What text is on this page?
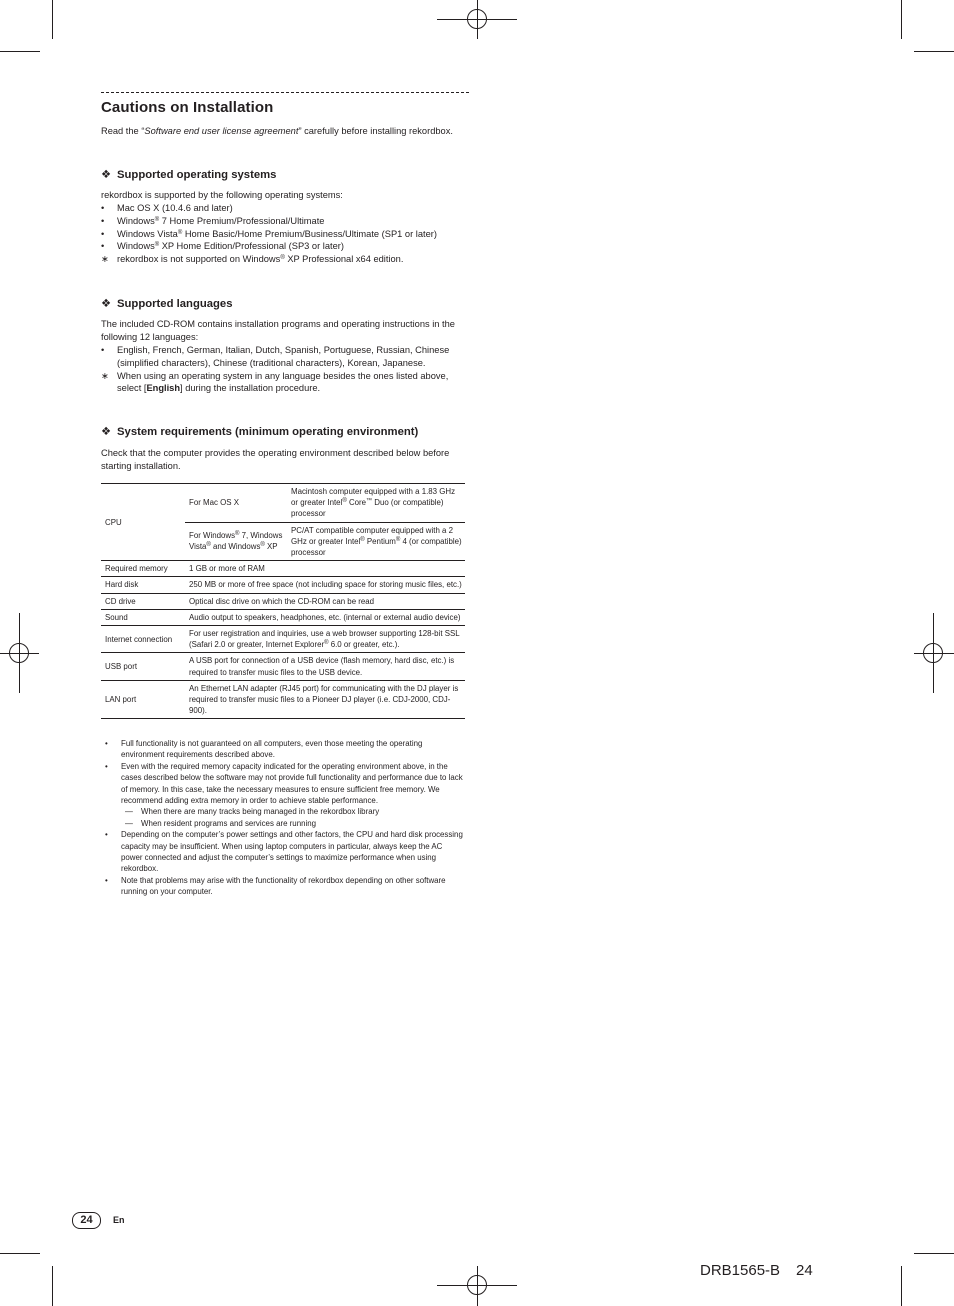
Cautions on Installation

Read the “Software end user license agreement” carefully before installing rekordbox.

❖ Supported operating systems

rekordbox is supported by the following operating systems:

• Mac OS X (10.4.6 and later)
• Windows® 7 Home Premium/Professional/Ultimate
• Windows Vista® Home Basic/Home Premium/Business/Ultimate (SP1 or later)
• Windows® XP Home Edition/Professional (SP3 or later)
∗ rekordbox is not supported on Windows® XP Professional x64 edition.
❖ Supported languages

The included CD-ROM contains installation programs and operating instructions in the following 12 languages:

• English, French, German, Italian, Dutch, Spanish, Portuguese, Russian, Chinese (simplified characters), Chinese (traditional characters), Korean, Japanese.
∗ When using an operating system in any language besides the ones listed above, select [English] during the installation procedure.
❖ System requirements (minimum operating environment)

Check that the computer provides the operating environment described below before starting installation.

CPU	For Mac OS X	Macintosh computer equipped with a 1.83 GHz or greater Intel® Core™ Duo (or compatible) processor
	For Windows® 7, Windows Vista® and Windows® XP	PC/AT compatible computer equipped with a 2 GHz or greater Intel® Pentium® 4 (or compatible) processor
Required memory	1 GB or more of RAM	
Hard disk	250 MB or more of free space (not including space for storing music files, etc.)	
CD drive	Optical disc drive on which the CD-ROM can be read	
Sound	Audio output to speakers, headphones, etc. (internal or external audio device)	
Internet connection	For user registration and inquiries, use a web browser supporting 128-bit SSL (Safari 2.0 or greater, Internet Explorer® 6.0 or greater, etc.).	
USB port	A USB port for connection of a USB device (flash memory, hard disc, etc.) is required to transfer music files to the USB device.	
LAN port	An Ethernet LAN adapter (RJ45 port) for communicating with the DJ player is required to transfer music files to a Pioneer DJ player (i.e. CDJ-2000, CDJ-900).	
• Full functionality is not guaranteed on all computers, even those meeting the operating environment requirements described above.
• Even with the required memory capacity indicated for the operating environment above, in the cases described below the software may not provide full functionality and performance due to lack of memory. In this case, take the necessary measures to ensure sufficient free memory. We recommend adding extra memory in order to achieve stable performance.
— When there are many tracks being managed in the rekordbox library
— When resident programs and services are running
• Depending on the computer’s power settings and other factors, the CPU and hard disk processing capacity may be insufficient. When using laptop computers in particular, always keep the AC power connected and adjust the computer’s settings to maximize performance when using rekordbox.
• Note that problems may arise with the functionality of rekordbox depending on other software running on your computer.
24	En
DRB1565-B 24
